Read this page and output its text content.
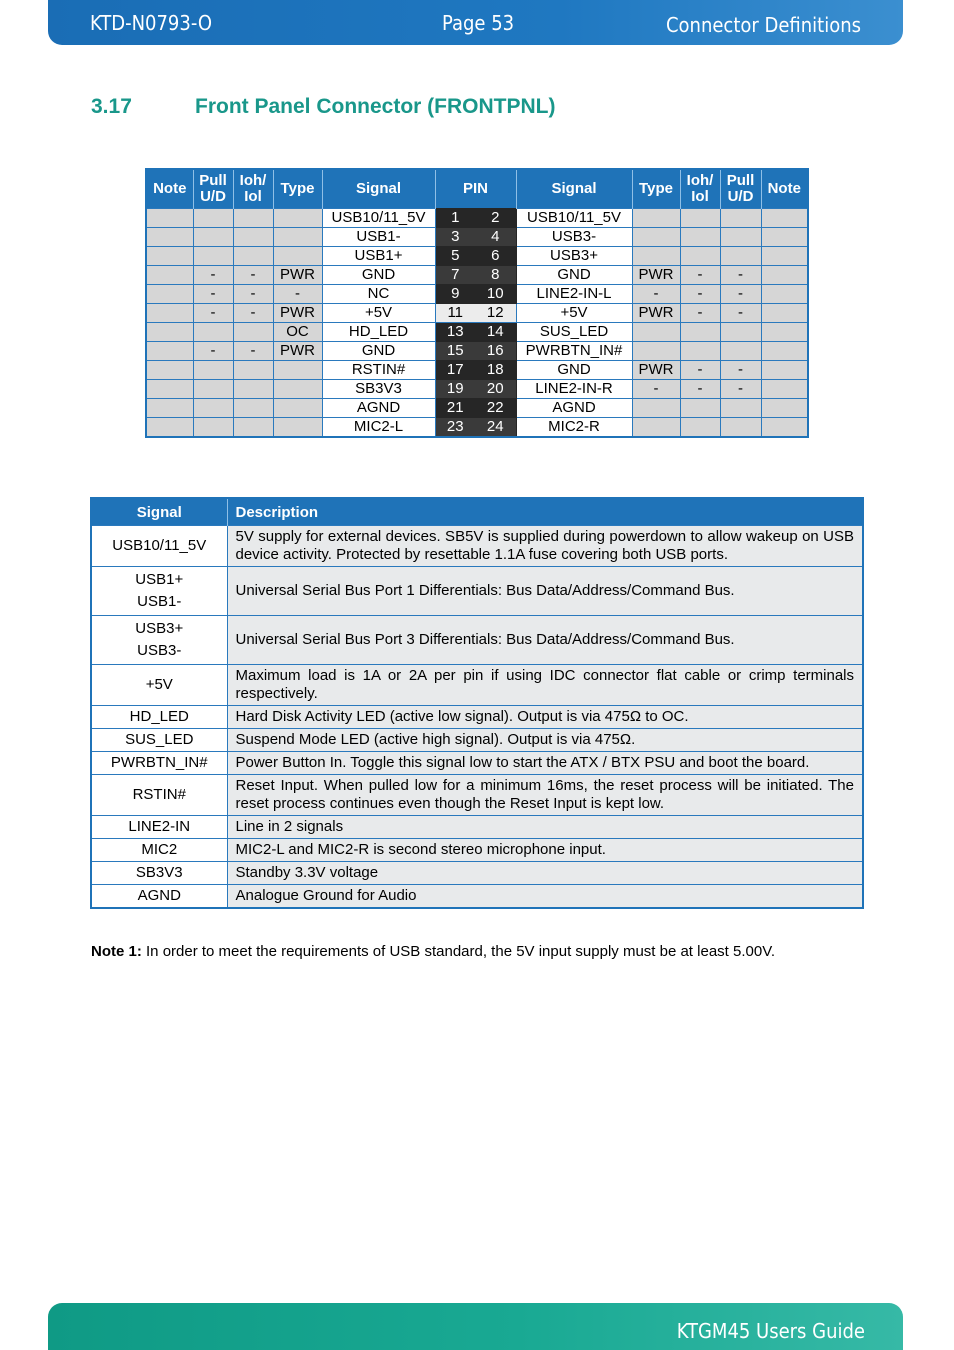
KTD-N0793-O	Page 53	Connector Definitions
3.17	Front Panel Connector (FRONTPNL)
Note	Pull U/D	Ioh/ Iol	Type	Signal	PIN		Signal	Type	Ioh/ Iol	Pull U/D	Note
				USB10/11_5V	1	2	USB10/11_5V				
				USB1-	3	4	USB3-				
				USB1+	5	6	USB3+				
	-	-	PWR	GND	7	8	GND	PWR	-	-	
	-	-	-	NC	9	10	LINE2-IN-L	-	-	-	
	-	-	PWR	+5V	11	12	+5V	PWR	-	-	
			OC	HD_LED	13	14	SUS_LED				
	-	-	PWR	GND	15	16	PWRBTN_IN#				
				RSTIN#	17	18	GND	PWR	-	-	
				SB3V3	19	20	LINE2-IN-R	-	-	-	
				AGND	21	22	AGND				
				MIC2-L	23	24	MIC2-R				
Signal	Description

USB10/11_5V	5V supply for external devices. SB5V is supplied during powerdown to allow wakeup on USB device activity. Protected by resettable 1.1A fuse covering both USB ports.

USB1+
USB1-	Universal Serial Bus Port 1 Differentials: Bus Data/Address/Command Bus.

USB3+
USB3-	Universal Serial Bus Port 3 Differentials: Bus Data/Address/Command Bus.

+5V	Maximum load is 1A or 2A per pin if using IDC connector flat cable or crimp terminals respectively.

HD_LED	Hard Disk Activity LED (active low signal). Output is via 475Ω to OC.

SUS_LED	Suspend Mode LED (active high signal). Output is via 475Ω.

PWRBTN_IN#	Power Button In. Toggle this signal low to start the ATX / BTX PSU and boot the board.

RSTIN#	Reset Input. When pulled low for a minimum 16ms, the reset process will be initiated. The reset process continues even though the Reset Input is kept low.

LINE2-IN	Line in 2 signals

MIC2	MIC2-L and MIC2-R is second stereo microphone input.

SB3V3	Standby 3.3V voltage

AGND	Analogue Ground for Audio
Note 1: In order to meet the requirements of USB standard, the 5V input supply must be at least 5.00V.
KTGM45 Users Guide
